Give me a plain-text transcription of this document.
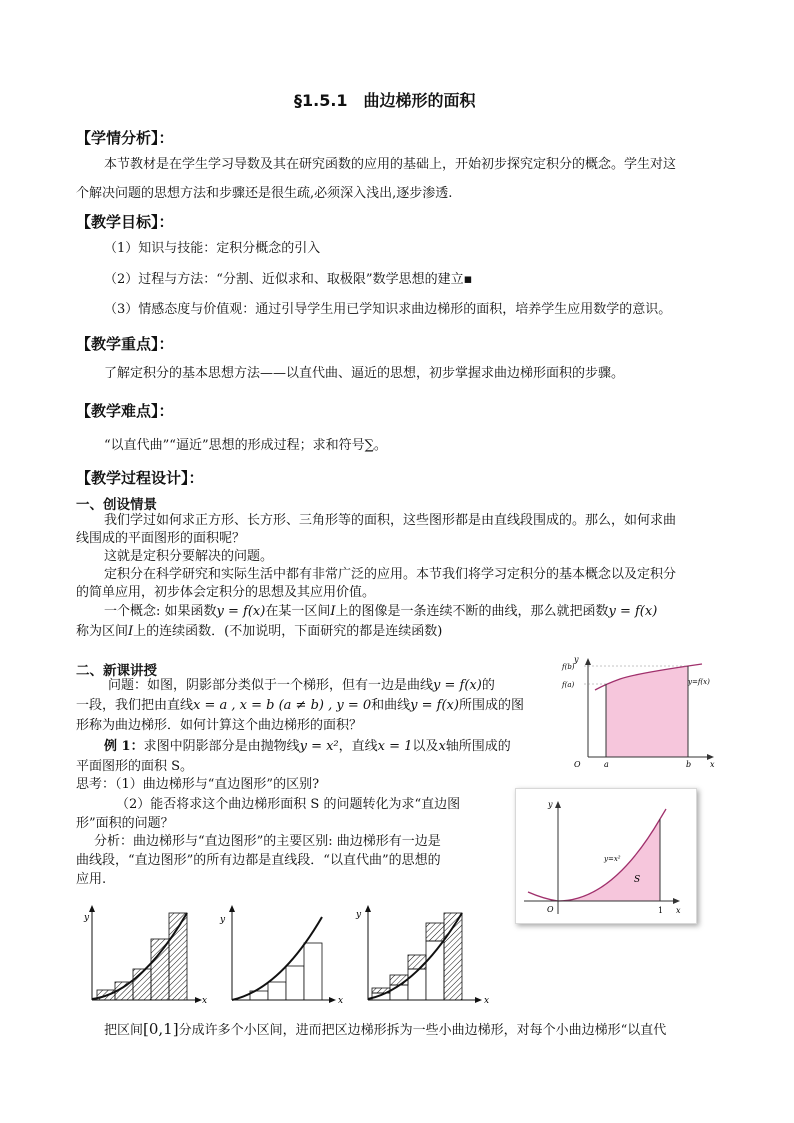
§1.5.1　曲边梯形的面积
【学情分析】：
本节教材是在学生学习导数及其在研究函数的应用的基础上，开始初步探究定积分的概念。学生对这
个解决问题的思想方法和步骤还是很生疏,必须深入浅出,逐步渗透.
【教学目标】：
（1）知识与技能：定积分概念的引入
（2）过程与方法：“分割、近似求和、取极限”数学思想的建立▪
（3）情感态度与价值观：通过引导学生用已学知识求曲边梯形的面积，培养学生应用数学的意识。
【教学重点】：
了解定积分的基本思想方法——以直代曲、逼近的思想，初步掌握求曲边梯形面积的步骤。
【教学难点】：
“以直代曲”“逼近”思想的形成过程；求和符号∑。
【教学过程设计】：
一、创设情景
我们学过如何求正方形、长方形、三角形等的面积，这些图形都是由直线段围成的。那么，如何求曲
线围成的平面图形的面积呢？
这就是定积分要解决的问题。
定积分在科学研究和实际生活中都有非常广泛的应用。本节我们将学习定积分的基本概念以及定积分
的简单应用，初步体会定积分的思想及其应用价值。
一个概念: 如果函数y = f(x)在某一区间I上的图像是一条连续不断的曲线，那么就把函数y = f(x)
称为区间I上的连续函数．(不加说明，下面研究的都是连续函数)
二、新课讲授
问题：如图，阴影部分类似于一个梯形，但有一边是曲线y = f(x)的
一段，我们把由直线x = a , x = b (a ≠ b) , y = 0和曲线y = f(x)所围成的图
形称为曲边梯形．如何计算这个曲边梯形的面积？
例 1：求图中阴影部分是由抛物线y = x²，直线x = 1以及x轴所围成的
平面图形的面积 S。
思考：（1）曲边梯形与“直边图形”的区别?
（2）能否将求这个曲边梯形面积 S 的问题转化为求“直边图
形”面积的问题？
分析：曲边梯形与“直边图形”的主要区别: 曲边梯形有一边是
曲线段，“直边图形”的所有边都是直线段．“以直代曲”的思想的
应用.
把区间[0,1]分成许多个小区间，进而把区边梯形拆为一些小曲边梯形，对每个小曲边梯形“以直代
y
x
O	a	b
f(a)
f(b)
y=f(x)
y
x
O	1
y=x²
S
y
x
y
x
y
x
